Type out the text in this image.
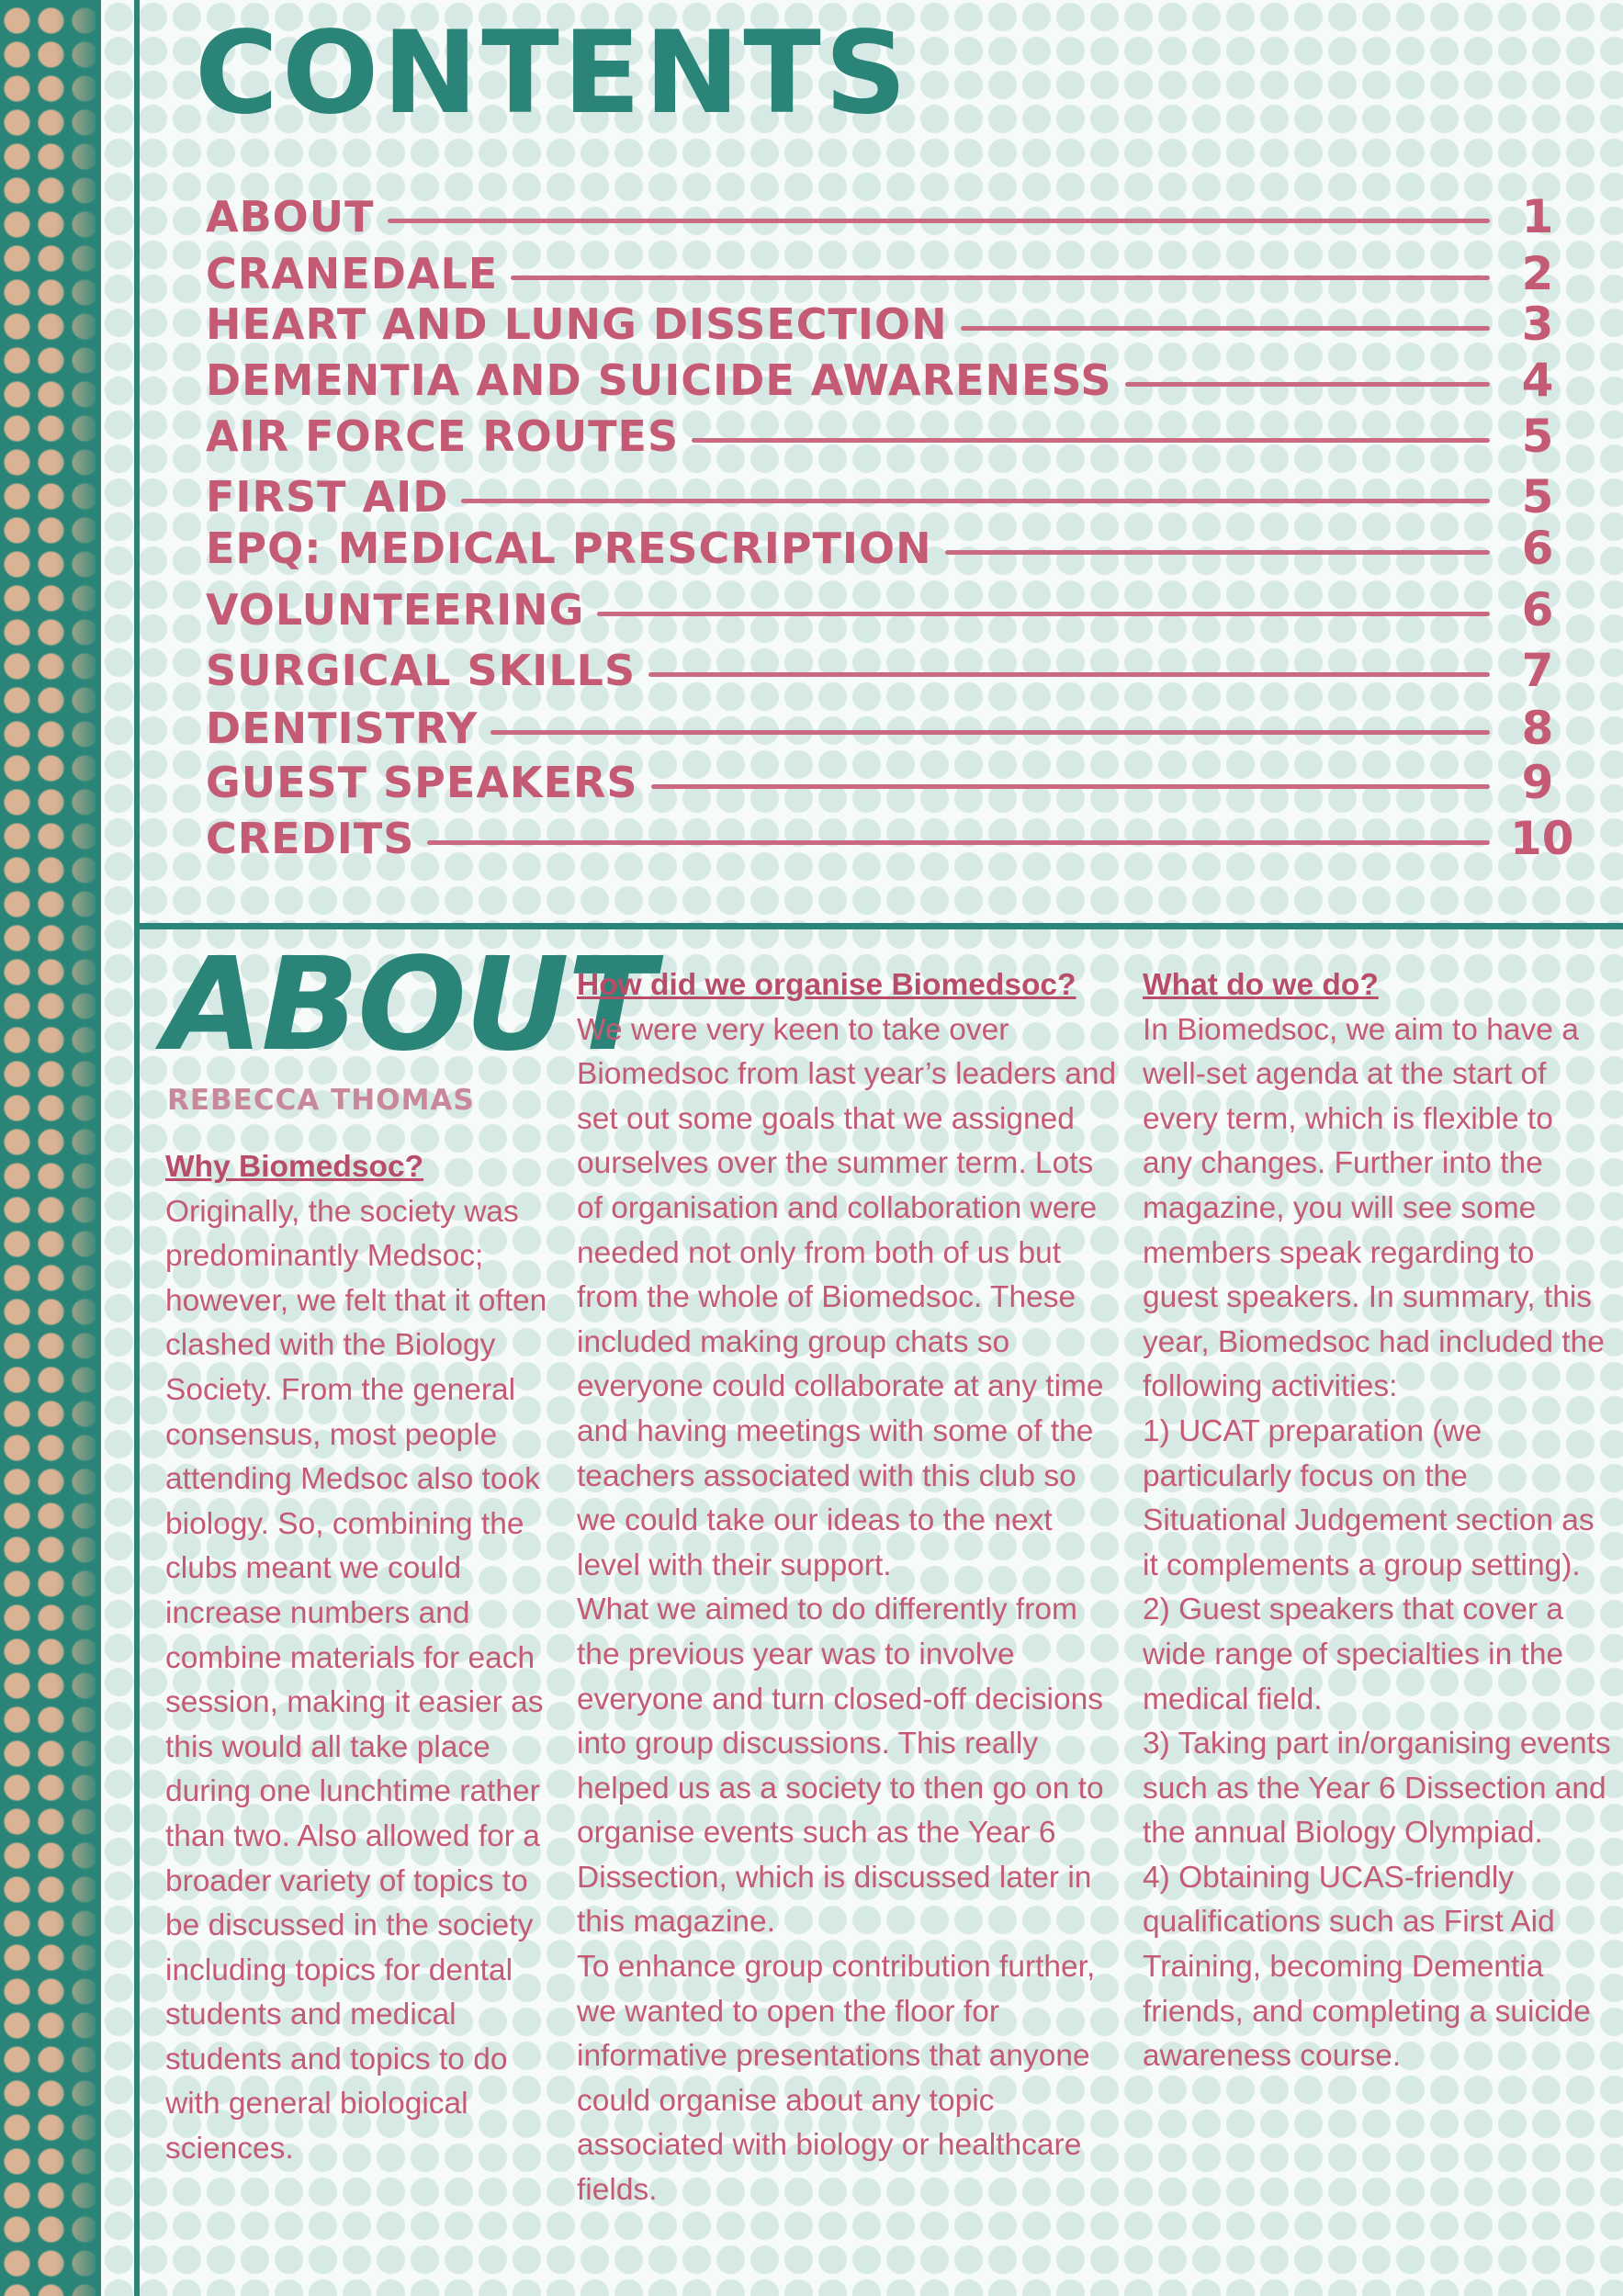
CONTENTS
ABOUT	1
CRANEDALE	2
HEART AND LUNG DISSECTION	3
DEMENTIA AND SUICIDE AWARENESS	4
AIR FORCE ROUTES	5
FIRST AID	5
EPQ: MEDICAL PRESCRIPTION	6
VOLUNTEERING	6
SURGICAL SKILLS	7
DENTISTRY	8
GUEST SPEAKERS	9
CREDITS	10
ABOUT
REBECCA THOMAS
Why Biomedsoc?

Originally, the society was predominantly Medsoc; however, we felt that it often clashed with the Biology Society. From the general consensus, most people attending Medsoc also took biology. So, combining the clubs meant we could increase numbers and combine materials for each session, making it easier as this would all take place during one lunchtime rather than two. Also allowed for a broader variety of topics to be discussed in the society including topics for dental students and medical students and topics to do with general biological sciences.

How did we organise Biomedsoc?

We were very keen to take over Biomedsoc from last year’s leaders and set out some goals that we assigned ourselves over the summer term. Lots of organisation and collaboration were needed not only from both of us but from the whole of Biomedsoc. These included making group chats so everyone could collaborate at any time and having meetings with some of the teachers associated with this club so we could take our ideas to the next level with their support.

What we aimed to do differently from the previous year was to involve everyone and turn closed-off decisions into group discussions. This really helped us as a society to then go on to organise events such as the Year 6 Dissection, which is discussed later in this magazine.

To enhance group contribution further, we wanted to open the floor for informative presentations that anyone could organise about any topic associated with biology or healthcare fields.

What do we do?

In Biomedsoc, we aim to have a well-set agenda at the start of every term, which is flexible to any changes. Further into the magazine, you will see some members speak regarding to guest speakers. In summary, this year, Biomedsoc had included the following activities:

1) UCAT preparation (we particularly focus on the Situational Judgement section as it complements a group setting).

2) Guest speakers that cover a wide range of specialties in the medical field.

3) Taking part in/organising events such as the Year 6 Dissection and the annual Biology Olympiad.

4) Obtaining UCAS-friendly qualifications such as First Aid Training, becoming Dementia friends, and completing a suicide awareness course.
